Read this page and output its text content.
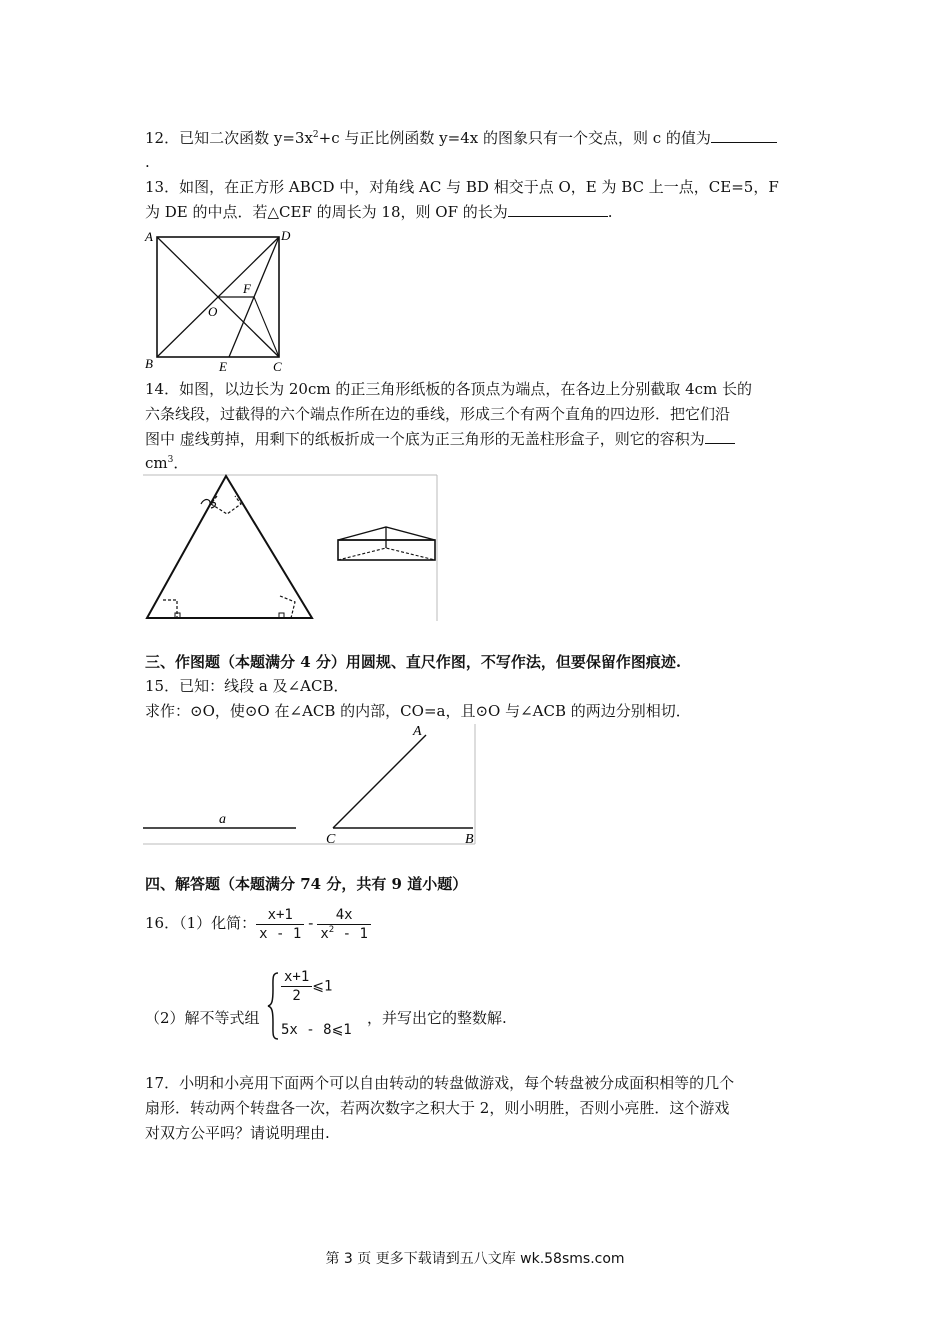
12．已知二次函数 $y=3x^2+c$ 与正比例函数 y=4x 的图象只有一个交点，则 c 的值为
.
13．如图，在正方形 ABCD 中，对角线 AC 与 BD 相交于点 O，E 为 BC 上一点，CE=5，F
为 DE 的中点．若△CEF 的周长为 18，则 OF 的长为	.
A	D
B	C
E
F
O
14．如图，以边长为 20cm 的正三角形纸板的各顶点为端点，在各边上分别截取 4cm 长的
六条线段，过截得的六个端点作所在边的垂线，形成三个有两个直角的四边形．把它们沿
图中 虚线剪掉，用剩下的纸板折成一个底为正三角形的无盖柱形盒子，则它的容积为
$cm^3$．
三、作图题（本题满分 4 分）用圆规、直尺作图，不写作法，但要保留作图痕迹.
15．已知：线段 a 及∠ACB．
求作：⊙O，使⊙O 在∠ACB 的内部，CO=a，且⊙O 与∠ACB 的两边分别相切．
a
A
C	B
四、解答题（本题满分 74 分，共有 9 道小题）
16．（1）化简： $\frac{x+1}{x - 1} - \frac{4x}{x^2 - 1}$
（2）解不等式组
$\frac{x+1}{2}$ ⩽1
5x - 8⩽1
，并写出它的整数解.
17．小明和小亮用下面两个可以自由转动的转盘做游戏，每个转盘被分成面积相等的几个
扇形．转动两个转盘各一次，若两次数字之积大于 2，则小明胜，否则小亮胜．这个游戏
对双方公平吗？请说明理由.
第 3 页 更多下载请到五八文库 wk.58sms.com
